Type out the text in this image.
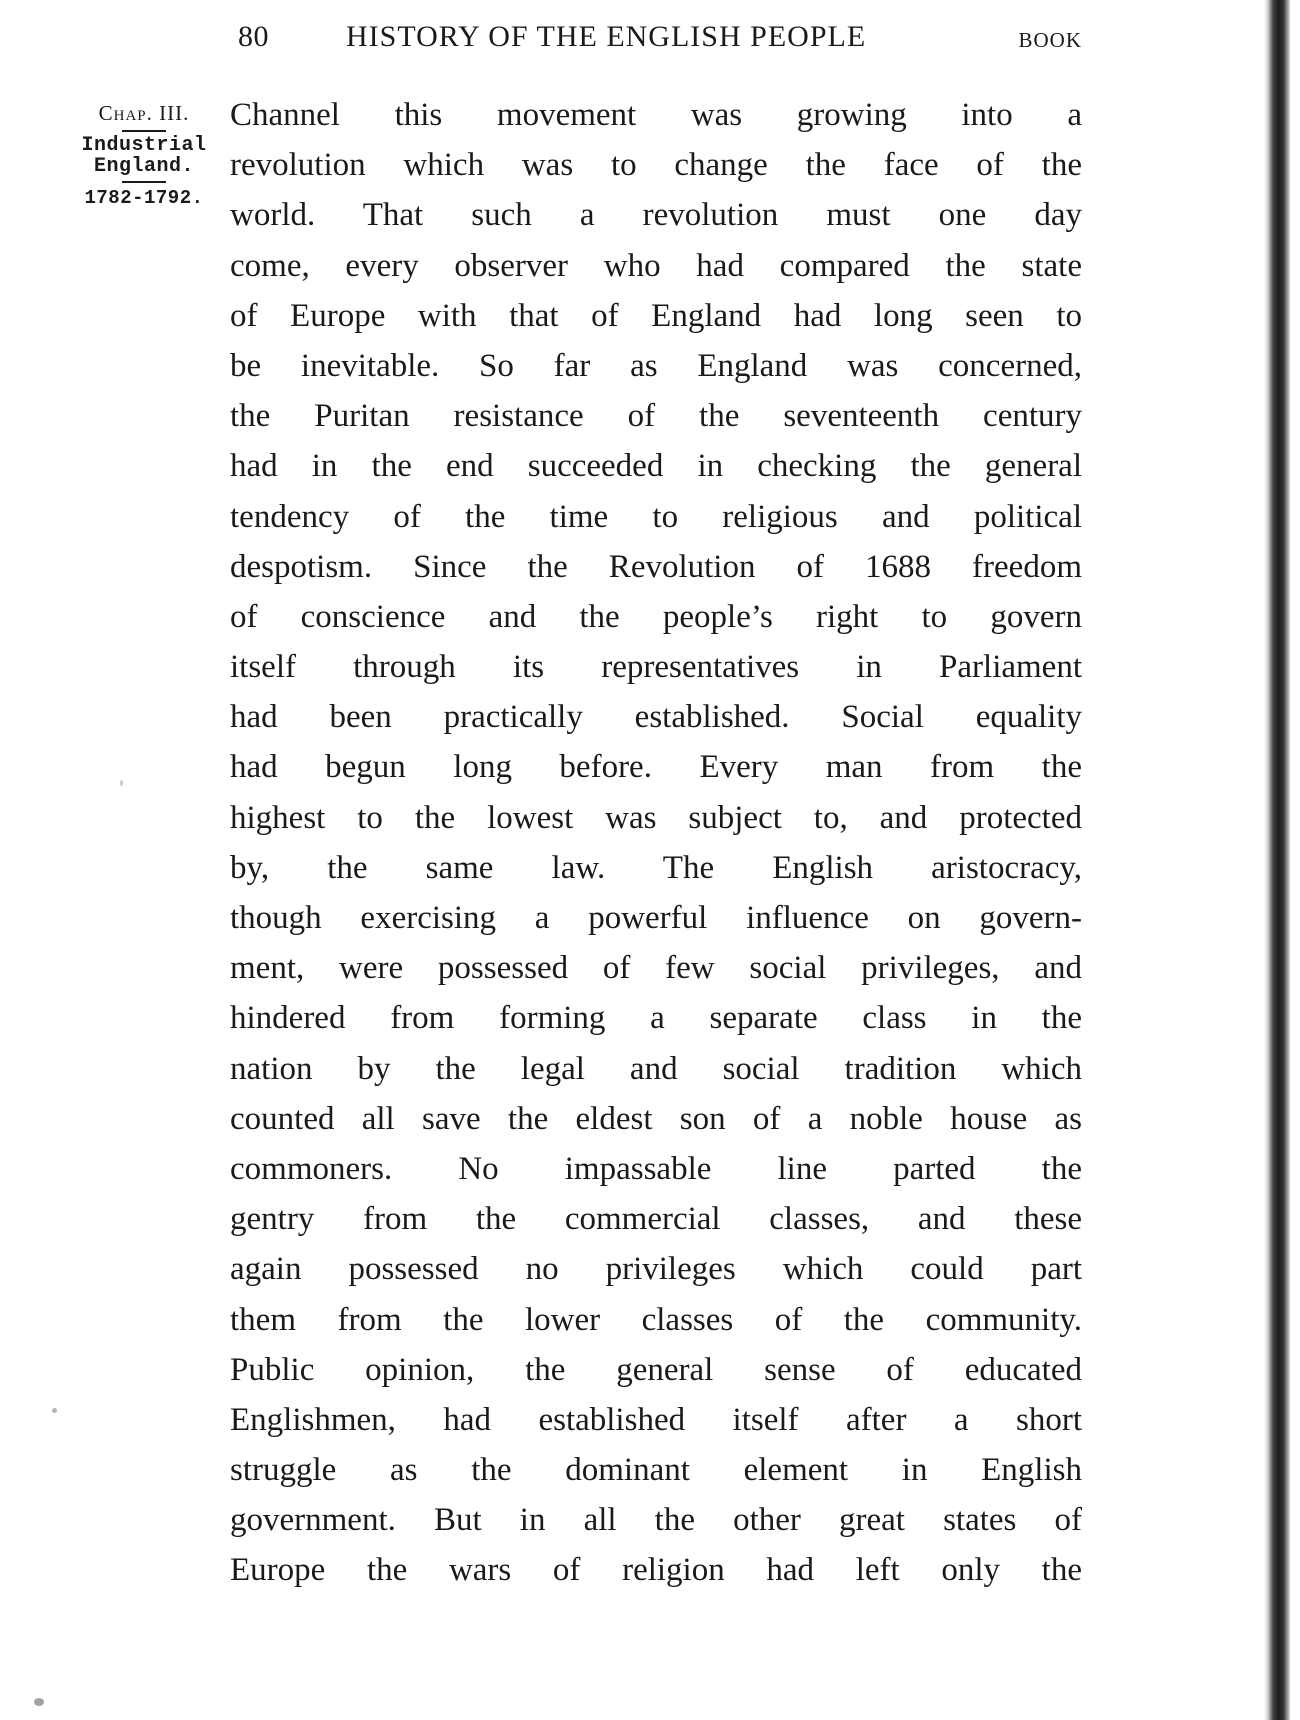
80	HISTORY OF THE ENGLISH PEOPLE	BOOK
Chap. III.
Industrial
England.
1782-1792.
Channel this movement was growing into a
revolution which was to change the face of the
world. That such a revolution must one day
come, every observer who had compared the state
of Europe with that of England had long seen to
be inevitable. So far as England was concerned,
the Puritan resistance of the seventeenth century
had in the end succeeded in checking the general
tendency of the time to religious and political
despotism. Since the Revolution of 1688 freedom
of conscience and the people’s right to govern
itself through its representatives in Parliament
had been practically established. Social equality
had begun long before. Every man from the
highest to the lowest was subject to, and protected
by, the same law. The English aristocracy,
though exercising a powerful influence on govern-
ment, were possessed of few social privileges, and
hindered from forming a separate class in the
nation by the legal and social tradition which
counted all save the eldest son of a noble house as
commoners. No impassable line parted the
gentry from the commercial classes, and these
again possessed no privileges which could part
them from the lower classes of the community.
Public opinion, the general sense of educated
Englishmen, had established itself after a short
struggle as the dominant element in English
government. But in all the other great states of
Europe the wars of religion had left only the
